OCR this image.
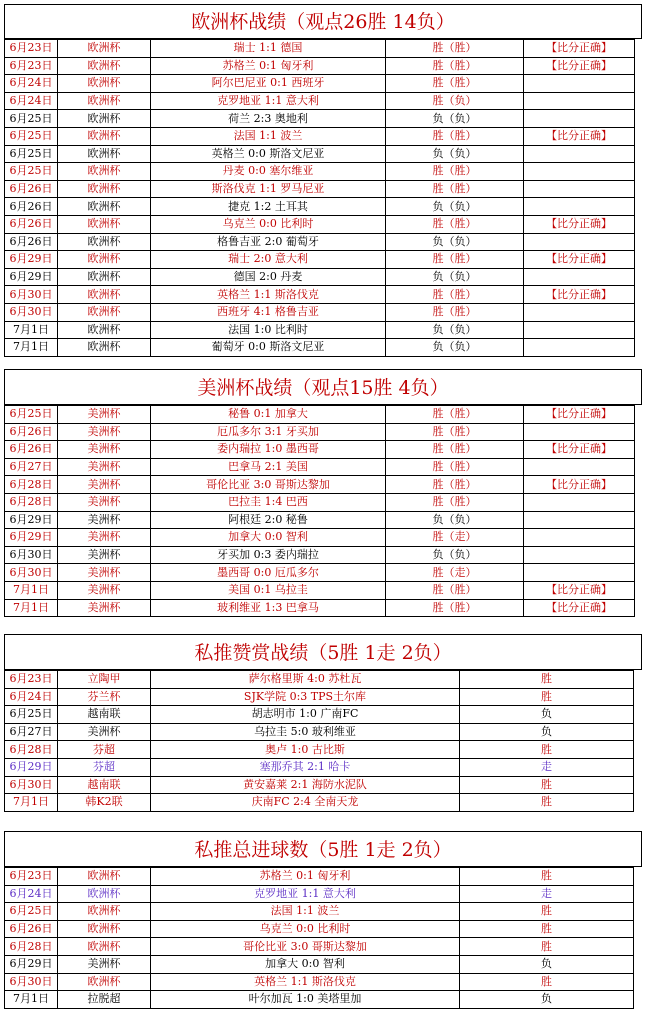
欧洲杯战绩（观点26胜 14负）
6月23日	欧洲杯	瑞士 1:1 德国	胜（胜）	【比分正确】
6月23日	欧洲杯	苏格兰 0:1 匈牙利	胜（胜）	【比分正确】
6月24日	欧洲杯	阿尔巴尼亚 0:1 西班牙	胜（胜）	
6月24日	欧洲杯	克罗地亚 1:1 意大利	胜（负）	
6月25日	欧洲杯	荷兰 2:3 奥地利	负（负）	
6月25日	欧洲杯	法国 1:1 波兰	胜（胜）	【比分正确】
6月25日	欧洲杯	英格兰 0:0 斯洛文尼亚	负（负）	
6月25日	欧洲杯	丹麦 0:0 塞尔维亚	胜（胜）	
6月26日	欧洲杯	斯洛伐克 1:1 罗马尼亚	胜（胜）	
6月26日	欧洲杯	捷克 1:2 土耳其	负（负）	
6月26日	欧洲杯	乌克兰 0:0 比利时	胜（胜）	【比分正确】
6月26日	欧洲杯	格鲁吉亚 2:0 葡萄牙	负（负）	
6月29日	欧洲杯	瑞士 2:0 意大利	胜（胜）	【比分正确】
6月29日	欧洲杯	德国 2:0 丹麦	负（负）	
6月30日	欧洲杯	英格兰 1:1 斯洛伐克	胜（胜）	【比分正确】
6月30日	欧洲杯	西班牙 4:1 格鲁吉亚	胜（胜）	
7月1日	欧洲杯	法国 1:0 比利时	负（负）	
7月1日	欧洲杯	葡萄牙 0:0 斯洛文尼亚	负（负）	
美洲杯战绩（观点15胜 4负）
6月25日	美洲杯	秘鲁 0:1 加拿大	胜（胜）	【比分正确】
6月26日	美洲杯	厄瓜多尔 3:1 牙买加	胜（胜）	
6月26日	美洲杯	委内瑞拉 1:0 墨西哥	胜（胜）	【比分正确】
6月27日	美洲杯	巴拿马 2:1 美国	胜（胜）	
6月28日	美洲杯	哥伦比亚 3:0 哥斯达黎加	胜（胜）	【比分正确】
6月28日	美洲杯	巴拉圭 1:4 巴西	胜（胜）	
6月29日	美洲杯	阿根廷 2:0 秘鲁	负（负）	
6月29日	美洲杯	加拿大 0:0 智利	胜（走）	
6月30日	美洲杯	牙买加 0:3 委内瑞拉	负（负）	
6月30日	美洲杯	墨西哥 0:0 厄瓜多尔	胜（走）	
7月1日	美洲杯	美国 0:1 乌拉圭	胜（胜）	【比分正确】
7月1日	美洲杯	玻利维亚 1:3 巴拿马	胜（胜）	【比分正确】
私推赞赏战绩（5胜 1走 2负）
6月23日	立陶甲	萨尔格里斯 4:0 苏杜瓦	胜
6月24日	芬兰杯	SJK学院 0:3 TPS土尔库	胜
6月25日	越南联	胡志明市 1:0 广南FC	负
6月27日	美洲杯	乌拉圭 5:0 玻利维亚	负
6月28日	芬超	奥卢 1:0 古比斯	胜
6月29日	芬超	塞那乔其 2:1 哈卡	走
6月30日	越南联	黄安嘉莱 2:1 海防水泥队	胜
7月1日	韩K2联	庆南FC 2:4 全南天龙	胜
私推总进球数（5胜 1走 2负）
6月23日	欧洲杯	苏格兰 0:1 匈牙利	胜
6月24日	欧洲杯	克罗地亚 1:1 意大利	走
6月25日	欧洲杯	法国 1:1 波兰	胜
6月26日	欧洲杯	乌克兰 0:0 比利时	胜
6月28日	欧洲杯	哥伦比亚 3:0 哥斯达黎加	胜
6月29日	美洲杯	加拿大 0:0 智利	负
6月30日	欧洲杯	英格兰 1:1 斯洛伐克	胜
7月1日	拉脱超	叶尔加瓦 1:0 美塔里加	负
